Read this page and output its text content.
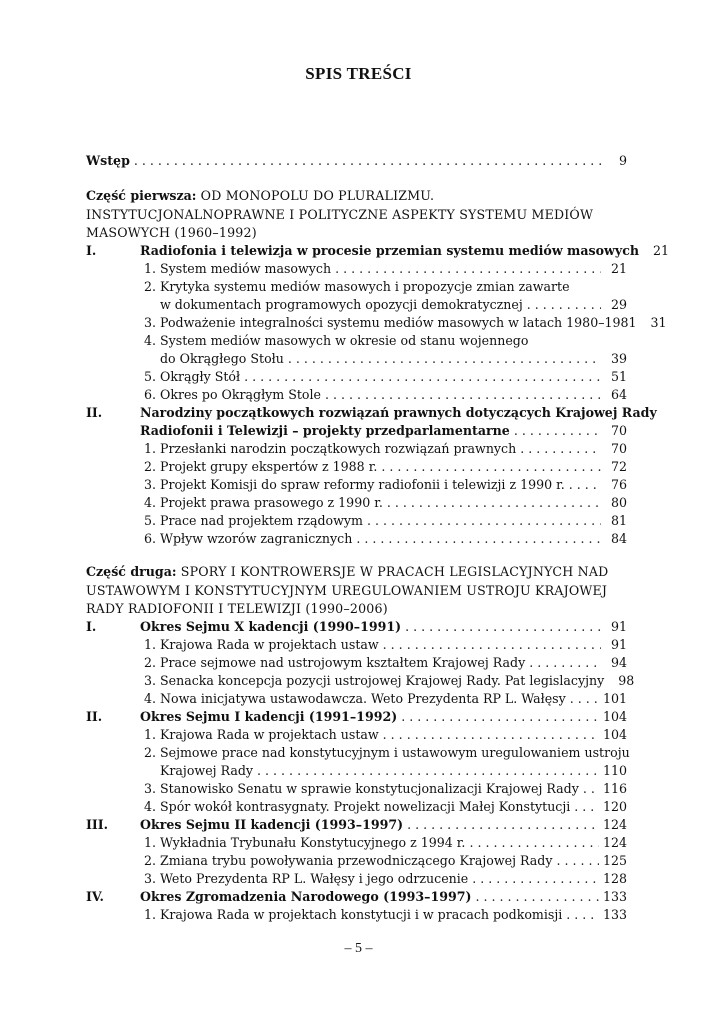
SPIS TREŚCI
Wstęp . . .	9
Część pierwsza: OD MONOPOLU DO PLURALIZMU.
INSTYTUCJONALNOPRAWNE I POLITYCZNE ASPEKTY SYSTEMU MEDIÓW
MASOWYCH (1960–1992)
I.	Radiofonia i telewizja w procesie przemian systemu mediów masowych	21
1. System mediów masowych . . .	21
2. Krytyka systemu mediów masowych i propozycje zmian zawarte
w dokumentach programowych opozycji demokratycznej . . .	29
3. Podważenie integralności systemu mediów masowych w latach 1980–1981	31
4. System mediów masowych w okresie od stanu wojennego
do Okrągłego Stołu . . .	39
5. Okrągły Stół . . .	51
6. Okres po Okrągłym Stole . . .	64
II.	Narodziny początkowych rozwiązań prawnych dotyczących Krajowej Rady
Radiofonii i Telewizji – projekty przedparlamentarne . . .	70
1. Przesłanki narodzin początkowych rozwiązań prawnych . . .	70
2. Projekt grupy ekspertów z 1988 r. . . .	72
3. Projekt Komisji do spraw reformy radiofonii i telewizji z 1990 r. . . .	76
4. Projekt prawa prasowego z 1990 r. . . .	80
5. Prace nad projektem rządowym . . .	81
6. Wpływ wzorów zagranicznych . . .	84
Część druga: SPORY I KONTROWERSJE W PRACACH LEGISLACYJNYCH NAD
USTAWOWYM I KONSTYTUCYJNYM UREGULOWANIEM USTROJU KRAJOWEJ
RADY RADIOFONII I TELEWIZJI (1990–2006)
I.	Okres Sejmu X kadencji (1990–1991) . . .	91
1. Krajowa Rada w projektach ustaw . . .	91
2. Prace sejmowe nad ustrojowym kształtem Krajowej Rady . . .	94
3. Senacka koncepcja pozycji ustrojowej Krajowej Rady. Pat legislacyjny	98
4. Nowa inicjatywa ustawodawcza. Weto Prezydenta RP L. Wałęsy . . .	101
II.	Okres Sejmu I kadencji (1991–1992) . . .	104
1. Krajowa Rada w projektach ustaw . . .	104
2. Sejmowe prace nad konstytucyjnym i ustawowym uregulowaniem ustroju
Krajowej Rady . . .	110
3. Stanowisko Senatu w sprawie konstytucjonalizacji Krajowej Rady . . . 116
4. Spór wokół kontrasygnaty. Projekt nowelizacji Małej Konstytucji . . .	120
III.	Okres Sejmu II kadencji (1993–1997) . . .	124
1. Wykładnia Trybunału Konstytucyjnego z 1994 r. . . .	124
2. Zmiana trybu powoływania przewodniczącego Krajowej Rady . . .	125
3. Weto Prezydenta RP L. Wałęsy i jego odrzucenie . . .	128
IV.	Okres Zgromadzenia Narodowego (1993–1997) . . .	133
1. Krajowa Rada w projektach konstytucji i w pracach podkomisji . . .	133
– 5 –
